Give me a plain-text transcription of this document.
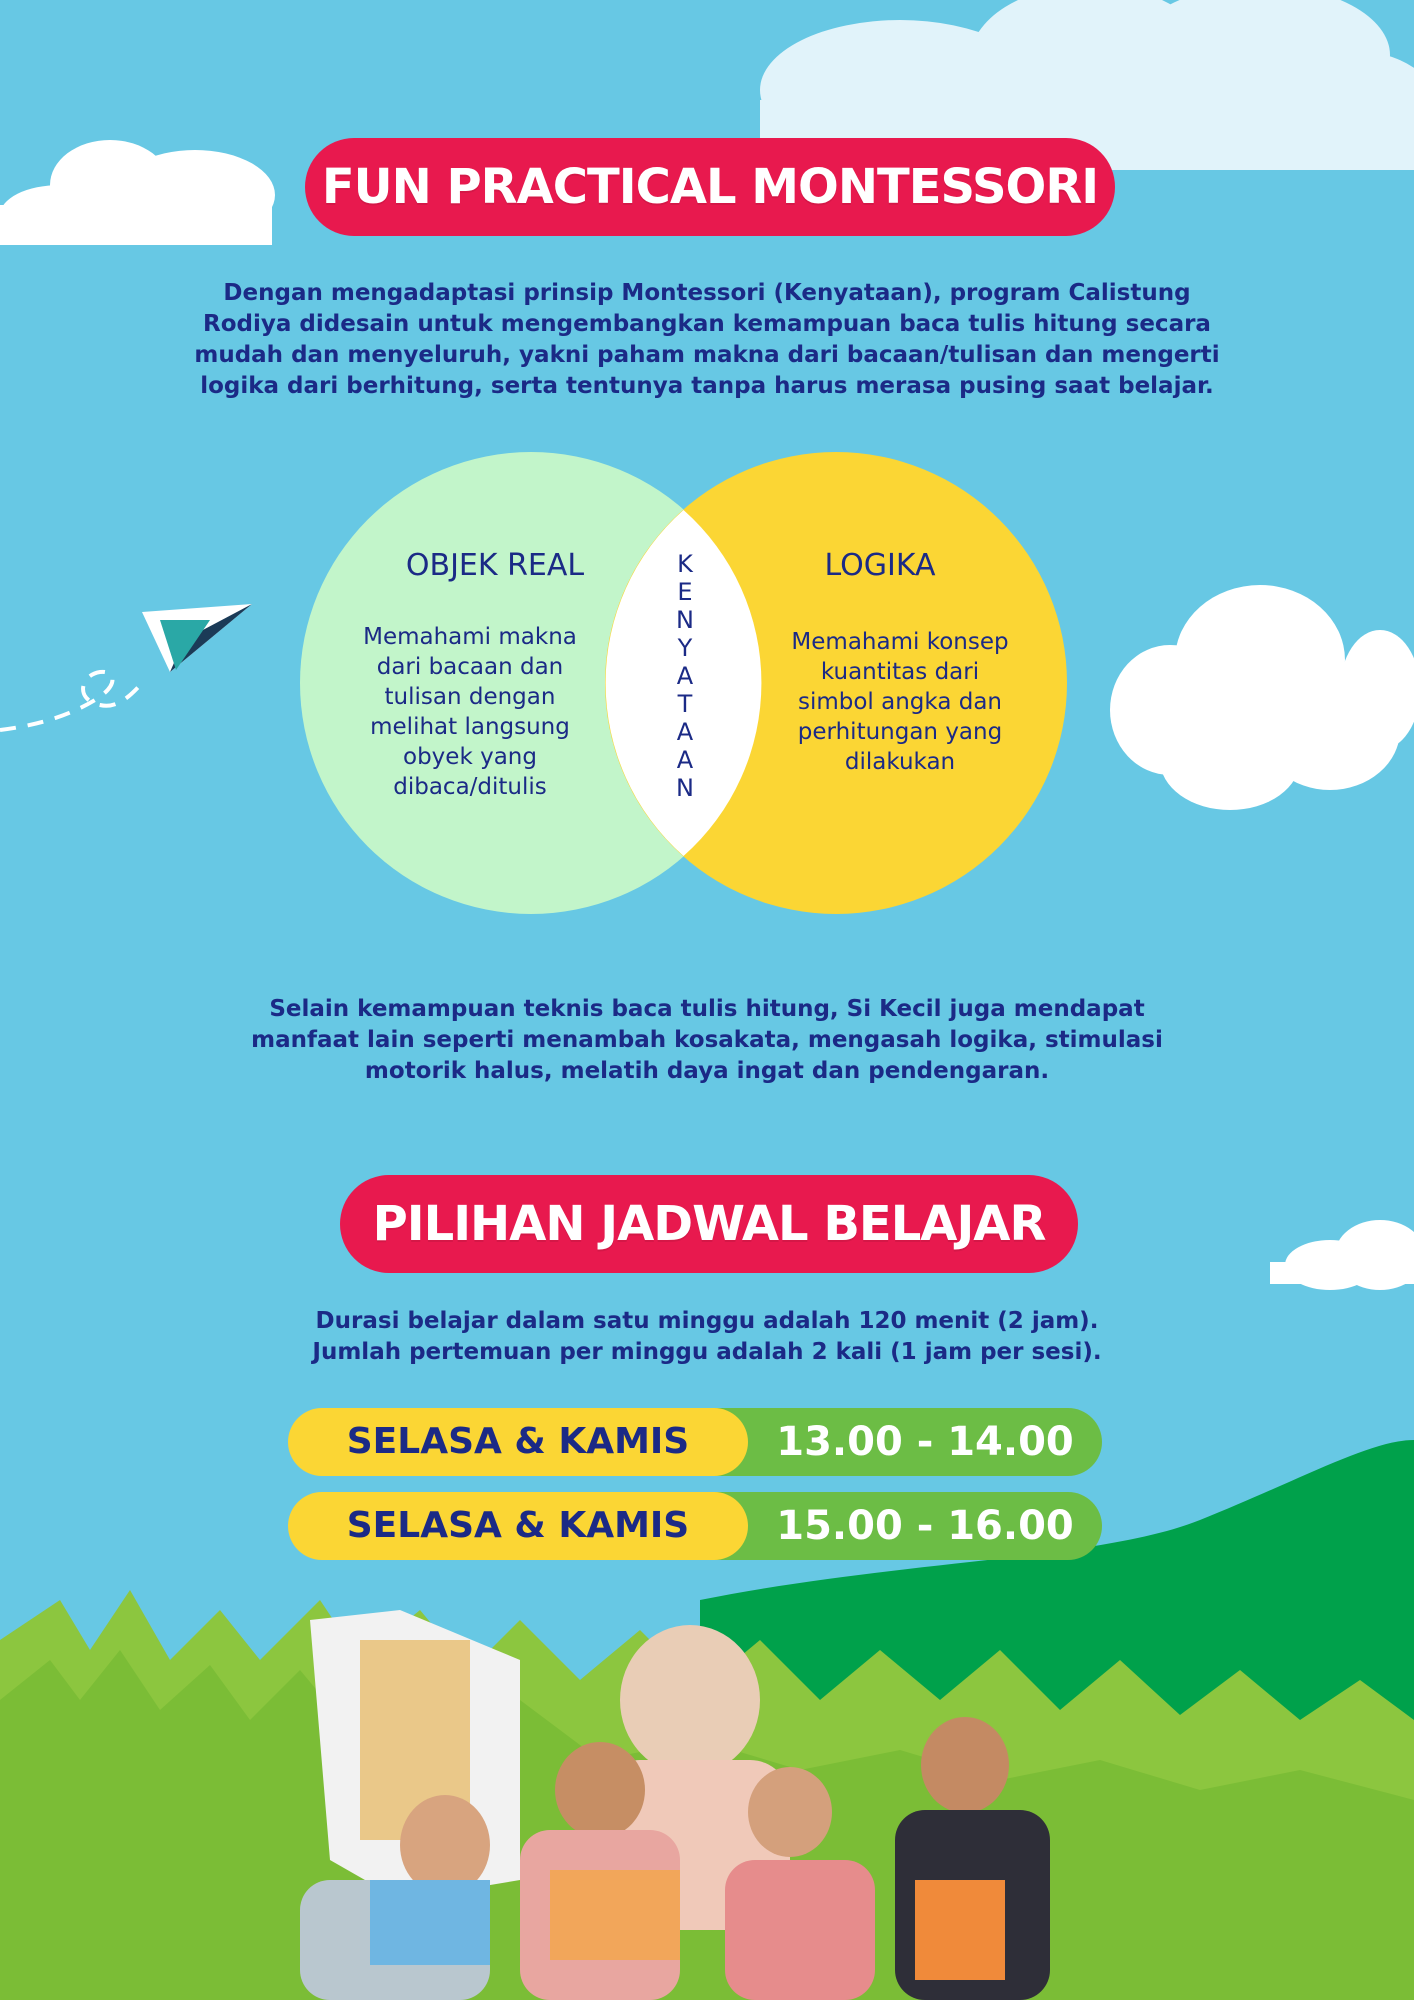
FUN PRACTICAL MONTESSORI
Dengan mengadaptasi prinsip Montessori (Kenyataan), program Calistung
Rodiya didesain untuk mengembangkan kemampuan baca tulis hitung secara
mudah dan menyeluruh, yakni paham makna dari bacaan/tulisan dan mengerti
logika dari berhitung, serta tentunya tanpa harus merasa pusing saat belajar.
OBJEK REAL
Memahami makna
dari bacaan dan
tulisan dengan
melihat langsung
obyek yang
dibaca/ditulis
K
E
N
Y
A
T
A
A
N
LOGIKA
Memahami konsep
kuantitas dari
simbol angka dan
perhitungan yang
dilakukan
Selain kemampuan teknis baca tulis hitung, Si Kecil juga mendapat
manfaat lain seperti menambah kosakata, mengasah logika, stimulasi
motorik halus, melatih daya ingat dan pendengaran.
PILIHAN JADWAL BELAJAR
Durasi belajar dalam satu minggu adalah 120 menit (2 jam).
Jumlah pertemuan per minggu adalah 2 kali (1 jam per sesi).
SELASA & KAMIS	13.00 - 14.00
SELASA & KAMIS	15.00 - 16.00
